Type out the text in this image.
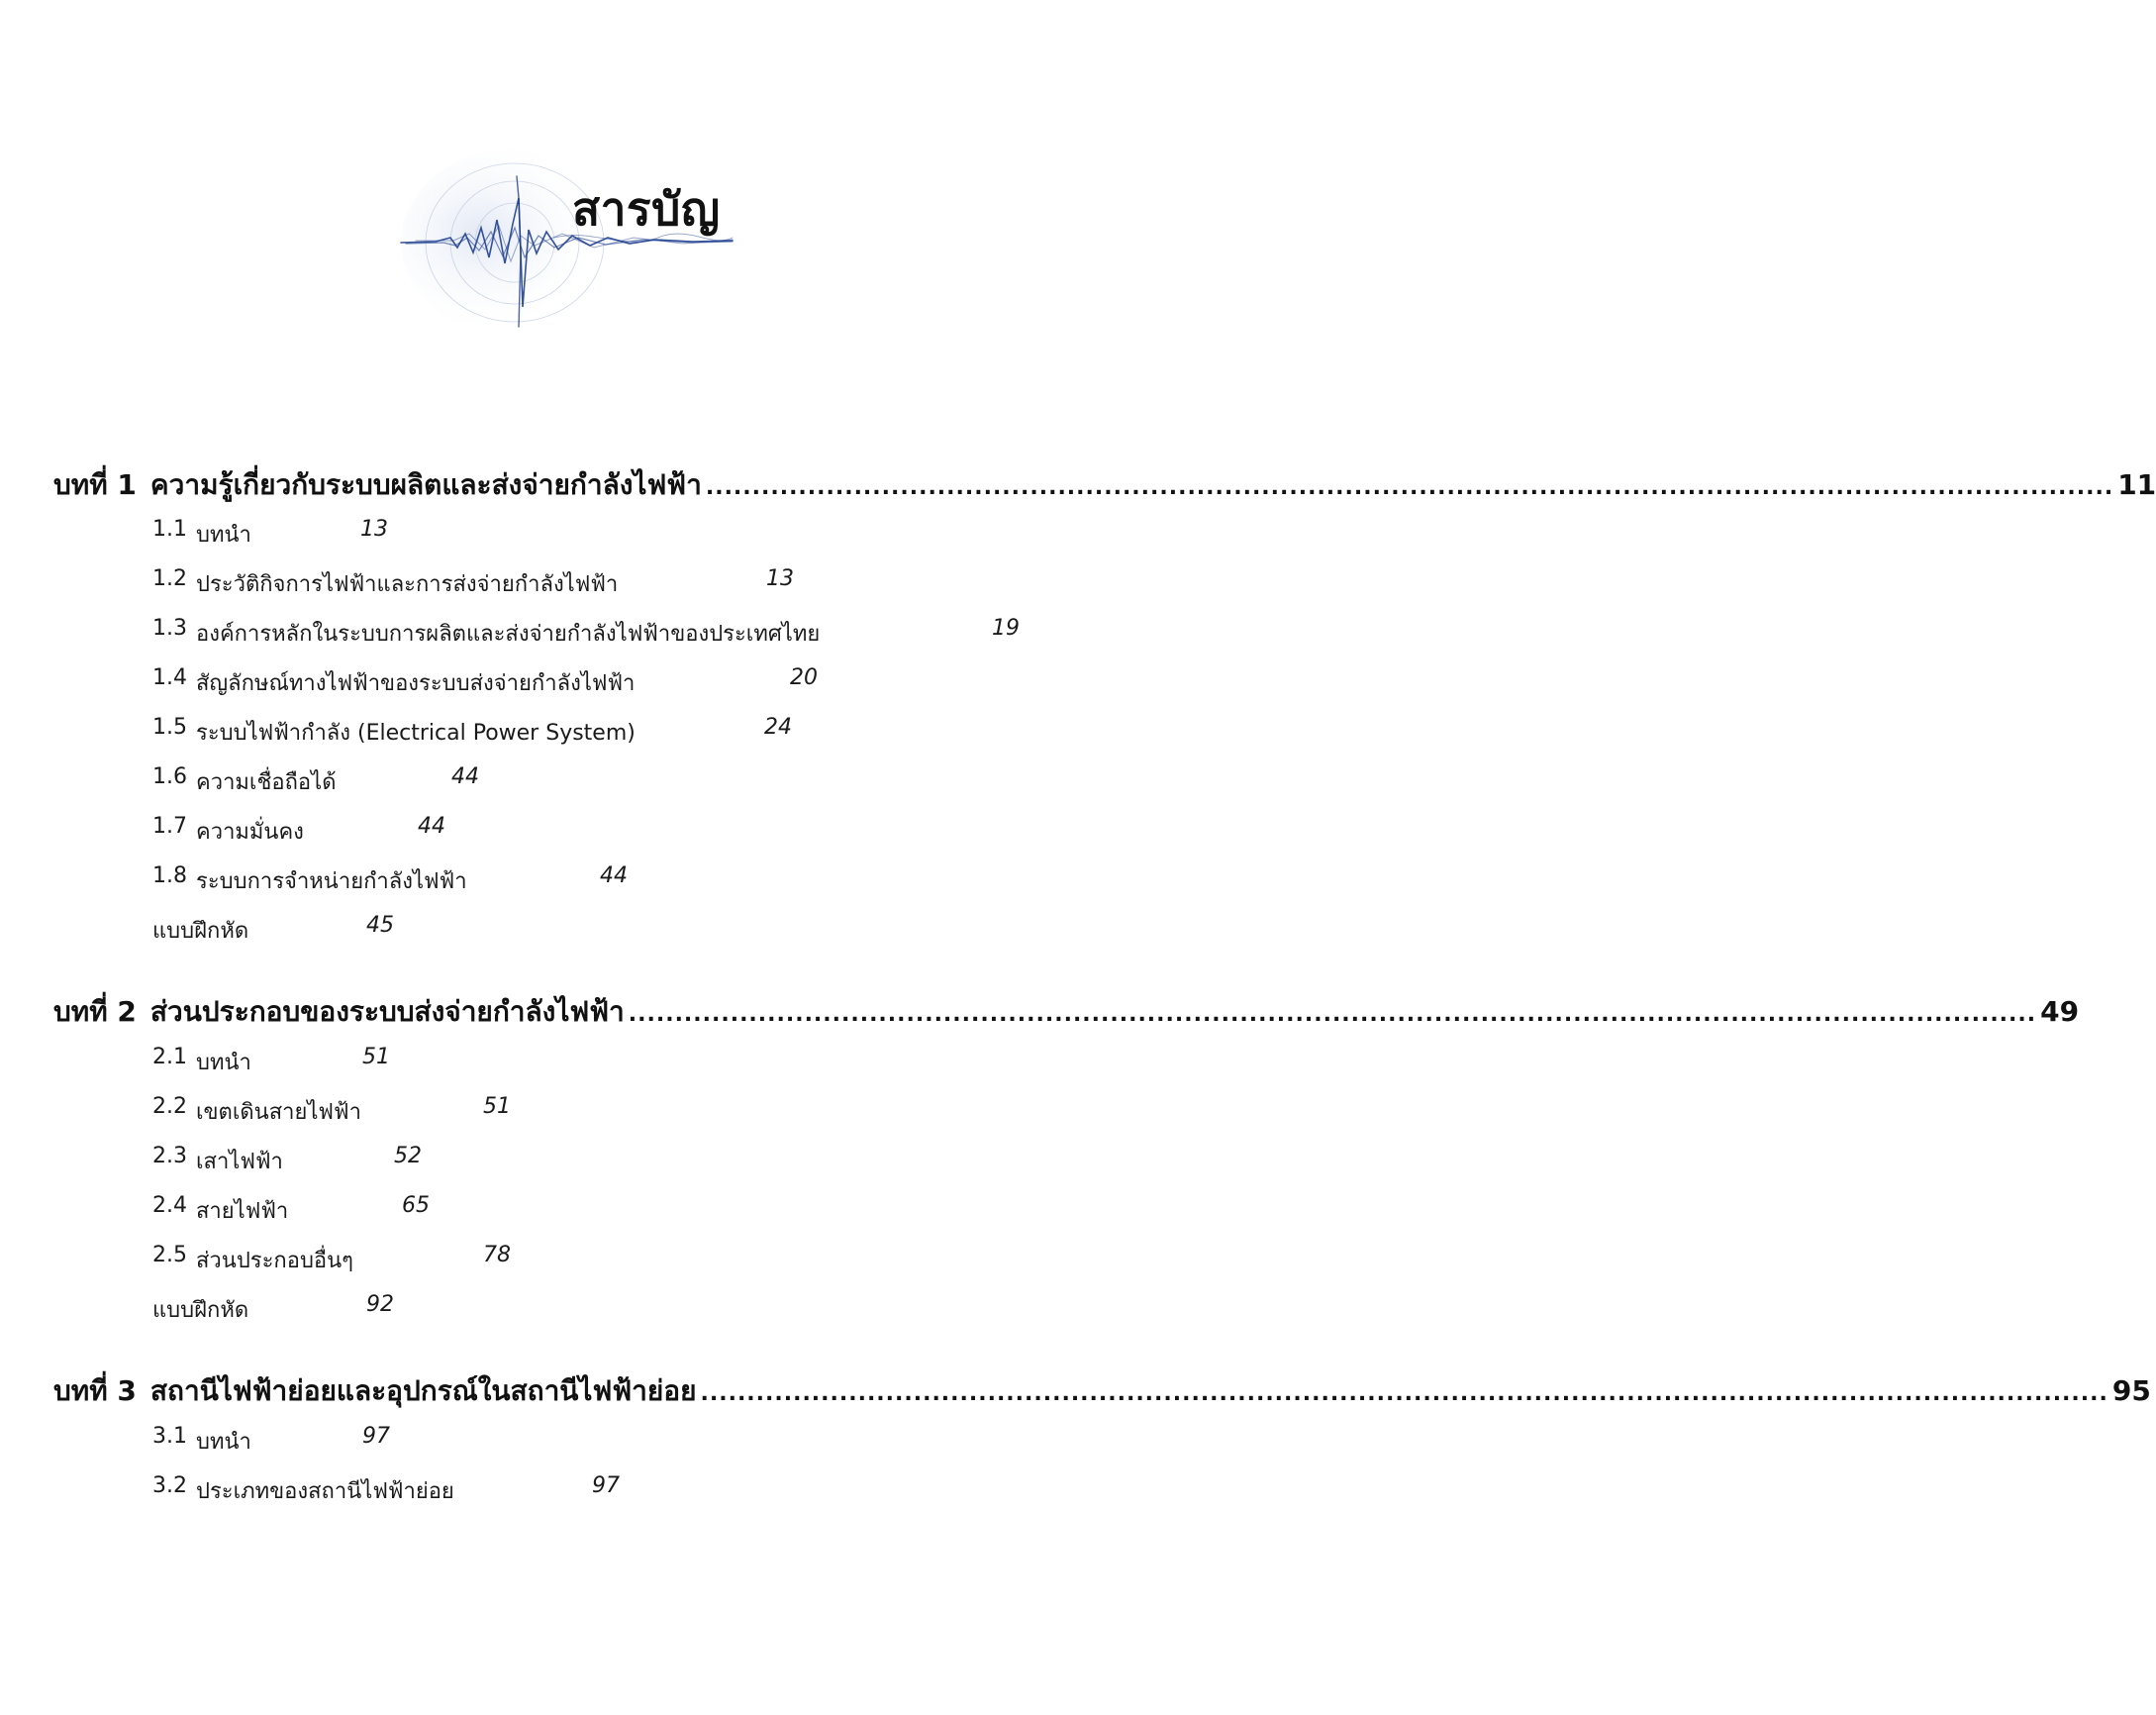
สารบัญ
บทที่ 1 ความรู้เกี่ยวกับระบบผลิตและส่งจ่ายกำลังไฟฟ้า ........................................................................................................................................................ 11
1.1 บทนำ	13
1.2 ประวัติกิจการไฟฟ้าและการส่งจ่ายกำลังไฟฟ้า	13
1.3 องค์การหลักในระบบการผลิตและส่งจ่ายกำลังไฟฟ้าของประเทศไทย	19
1.4 สัญลักษณ์ทางไฟฟ้าของระบบส่งจ่ายกำลังไฟฟ้า	20
1.5 ระบบไฟฟ้ากำลัง (Electrical Power System)	24
1.6 ความเชื่อถือได้	44
1.7 ความมั่นคง	44
1.8 ระบบการจำหน่ายกำลังไฟฟ้า	44
แบบฝึกหัด	45
บทที่ 2 ส่วนประกอบของระบบส่งจ่ายกำลังไฟฟ้า ........................................................................................................................................................ 49
2.1 บทนำ	51
2.2 เขตเดินสายไฟฟ้า	51
2.3 เสาไฟฟ้า	52
2.4 สายไฟฟ้า	65
2.5 ส่วนประกอบอื่นๆ	78
แบบฝึกหัด	92
บทที่ 3 สถานีไฟฟ้าย่อยและอุปกรณ์ในสถานีไฟฟ้าย่อย ........................................................................................................................................................ 95
3.1 บทนำ	97
3.2 ประเภทของสถานีไฟฟ้าย่อย	97
